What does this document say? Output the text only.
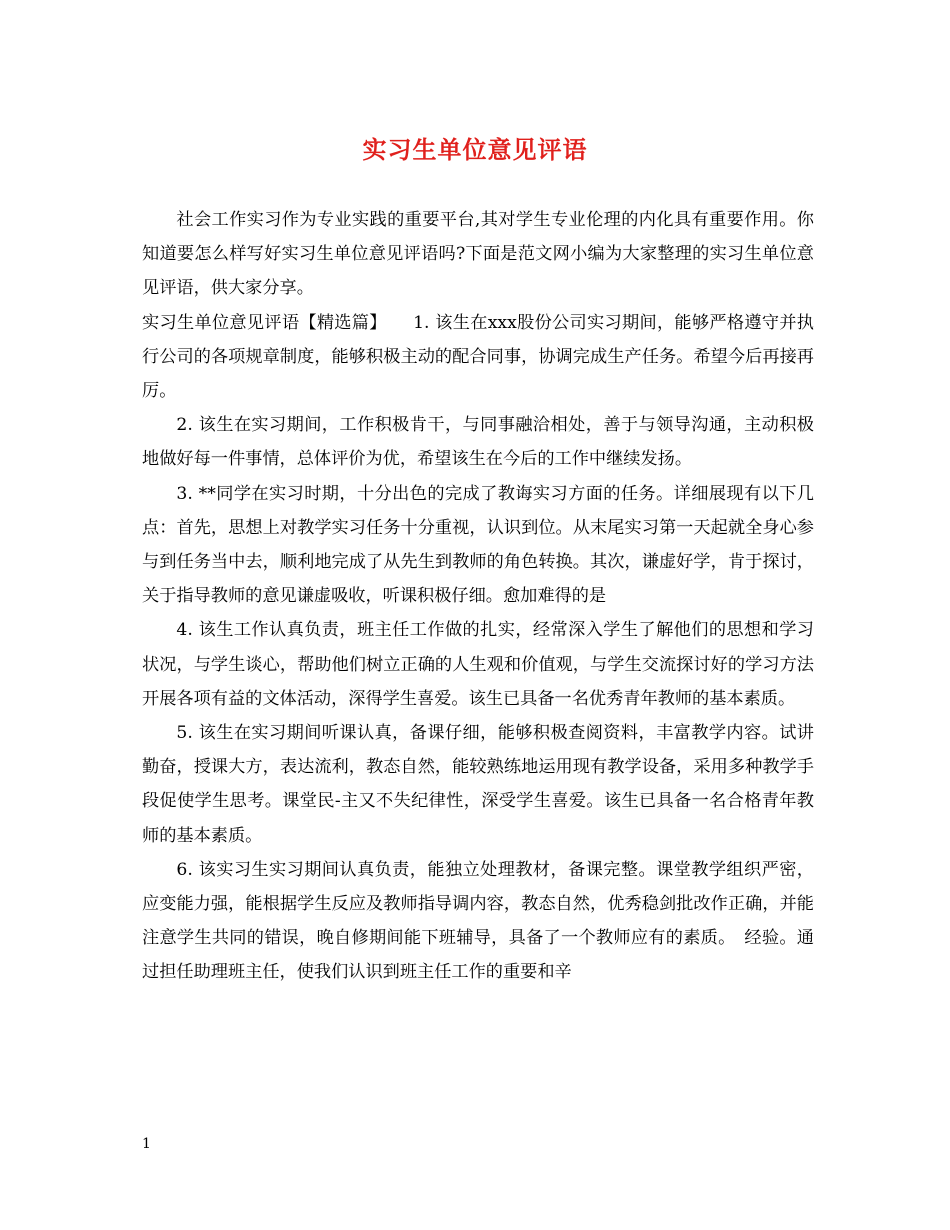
实习生单位意见评语

社会工作实习作为专业实践的重要平台,其对学生专业伦理的内化具有重要作用。你知道要怎么样写好实习生单位意见评语吗?下面是范文网小编为大家整理的实习生单位意见评语，供大家分享。

实习生单位意见评语【精选篇】　　1. 该生在xxx股份公司实习期间，能够严格遵守并执行公司的各项规章制度，能够积极主动的配合同事，协调完成生产任务。希望今后再接再厉。

2. 该生在实习期间，工作积极肯干，与同事融洽相处，善于与领导沟通，主动积极地做好每一件事情，总体评价为优，希望该生在今后的工作中继续发扬。

3. **同学在实习时期，十分出色的完成了教诲实习方面的任务。详细展现有以下几点：首先，思想上对教学实习任务十分重视，认识到位。从末尾实习第一天起就全身心参与到任务当中去，顺利地完成了从先生到教师的角色转换。其次，谦虚好学，肯于探讨，关于指导教师的意见谦虚吸收，听课积极仔细。愈加难得的是

4. 该生工作认真负责，班主任工作做的扎实，经常深入学生了解他们的思想和学习状况，与学生谈心，帮助他们树立正确的人生观和价值观，与学生交流探讨好的学习方法开展各项有益的文体活动，深得学生喜爱。该生已具备一名优秀青年教师的基本素质。

5. 该生在实习期间听课认真，备课仔细，能够积极查阅资料，丰富教学内容。试讲勤奋，授课大方，表达流利，教态自然，能较熟练地运用现有教学设备，采用多种教学手段促使学生思考。课堂民-主又不失纪律性，深受学生喜爱。该生已具备一名合格青年教师的基本素质。

6. 该实习生实习期间认真负责，能独立处理教材，备课完整。课堂教学组织严密，应变能力强，能根据学生反应及教师指导调内容，教态自然，优秀稳剑批改作正确，并能注意学生共同的错误，晚自修期间能下班辅导，具备了一个教师应有的素质。　经验。通过担任助理班主任，使我们认识到班主任工作的重要和辛

1
